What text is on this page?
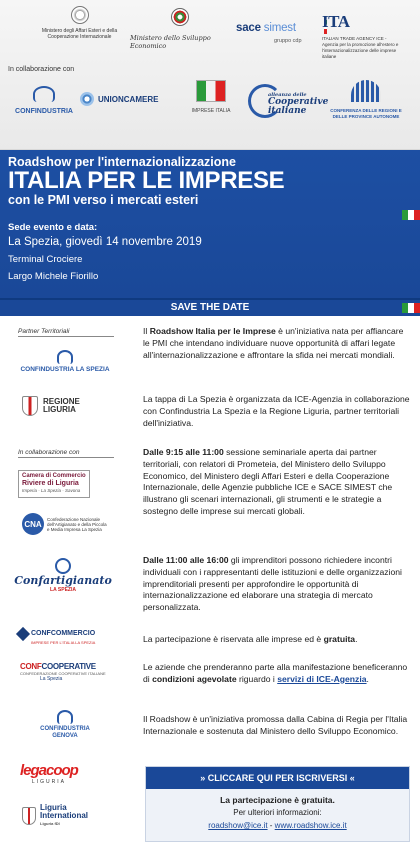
Ministero degli Affari Esteri e della Cooperazione Internazionale	Ministero dello Sviluppo Economico
sace simest
gruppo cdp
ITA
ITALIAN TRADE AGENCY ICE - Agenzia per la promozione all'estero e l'internazionalizzazione delle imprese italiane
In collaborazione con
CONFINDUSTRIA
UNIONCAMERE
IMPRESE ITALIA
alleanza delle
Cooperative
italiane	CONFERENZA DELLE REGIONI E DELLE PROVINCE AUTONOME
Roadshow per l'internazionalizzazione
ITALIA PER LE IMPRESE
con le PMI verso i mercati esteri
Sede evento e data:
La Spezia, giovedì 14 novembre 2019
Terminal Crociere
Largo Michele Fiorillo
SAVE THE DATE
Partner Territoriali
CONFINDUSTRIA LA SPEZIA
REGIONE
LIGURIA
In collaborazione con
Camera di Commercio
Riviere di Liguria
Imperia · La Spezia · Savona
CNA
Confederazione Nazionale dell'Artigianato e della Piccola e Media Impresa La Spezia
Confartigianato
LA SPEZIA
CONFCOMMERCIO
IMPRESE PER L'ITALIA LA SPEZIA
CONFCOOPERATIVE
CONFEDERAZIONE COOPERATIVE ITALIANE
La Spezia
CONFINDUSTRIA
GENOVA
legacoop
LIGURIA
Liguria
International
Liguria fDI

Il Roadshow Italia per le Imprese è un'iniziativa nata per affiancare le PMI che intendano individuare nuove opportunità di affari legate all'internazionalizzazione e affrontare la sfida nei mercati mondiali.

La tappa di La Spezia è organizzata da ICE-Agenzia in collaborazione con Confindustria La Spezia e la Regione Liguria, partner territoriali dell'iniziativa.

Dalle 9:15 alle 11:00 sessione seminariale aperta dai partner territoriali, con relatori di Prometeia, del Ministero dello Sviluppo Economico, del Ministero degli Affari Esteri e della Cooperazione Internazionale, delle Agenzie pubbliche ICE e SACE SIMEST che illustrano gli scenari internazionali, gli strumenti e le strategie a sostegno delle imprese sui mercati globali.

Dalle 11:00 alle 16:00 gli imprenditori possono richiedere incontri individuali con i rappresentanti delle istituzioni e delle organizzazioni imprenditoriali presenti per approfondire le opportunità di internazionalizzazione ed elaborare una strategia di mercato personalizzata.

La partecipazione è riservata alle imprese ed è gratuita.

Le aziende che prenderanno parte alla manifestazione beneficeranno di condizioni agevolate riguardo i servizi di ICE-Agenzia.

Il Roadshow è un'iniziativa promossa dalla Cabina di Regia per l'Italia Internazionale e sostenuta dal Ministero dello Sviluppo Economico.

» CLICCARE QUI PER ISCRIVERSI «
La partecipazione è gratuita.
Per ulteriori informazioni:
roadshow@ice.it - www.roadshow.ice.it
